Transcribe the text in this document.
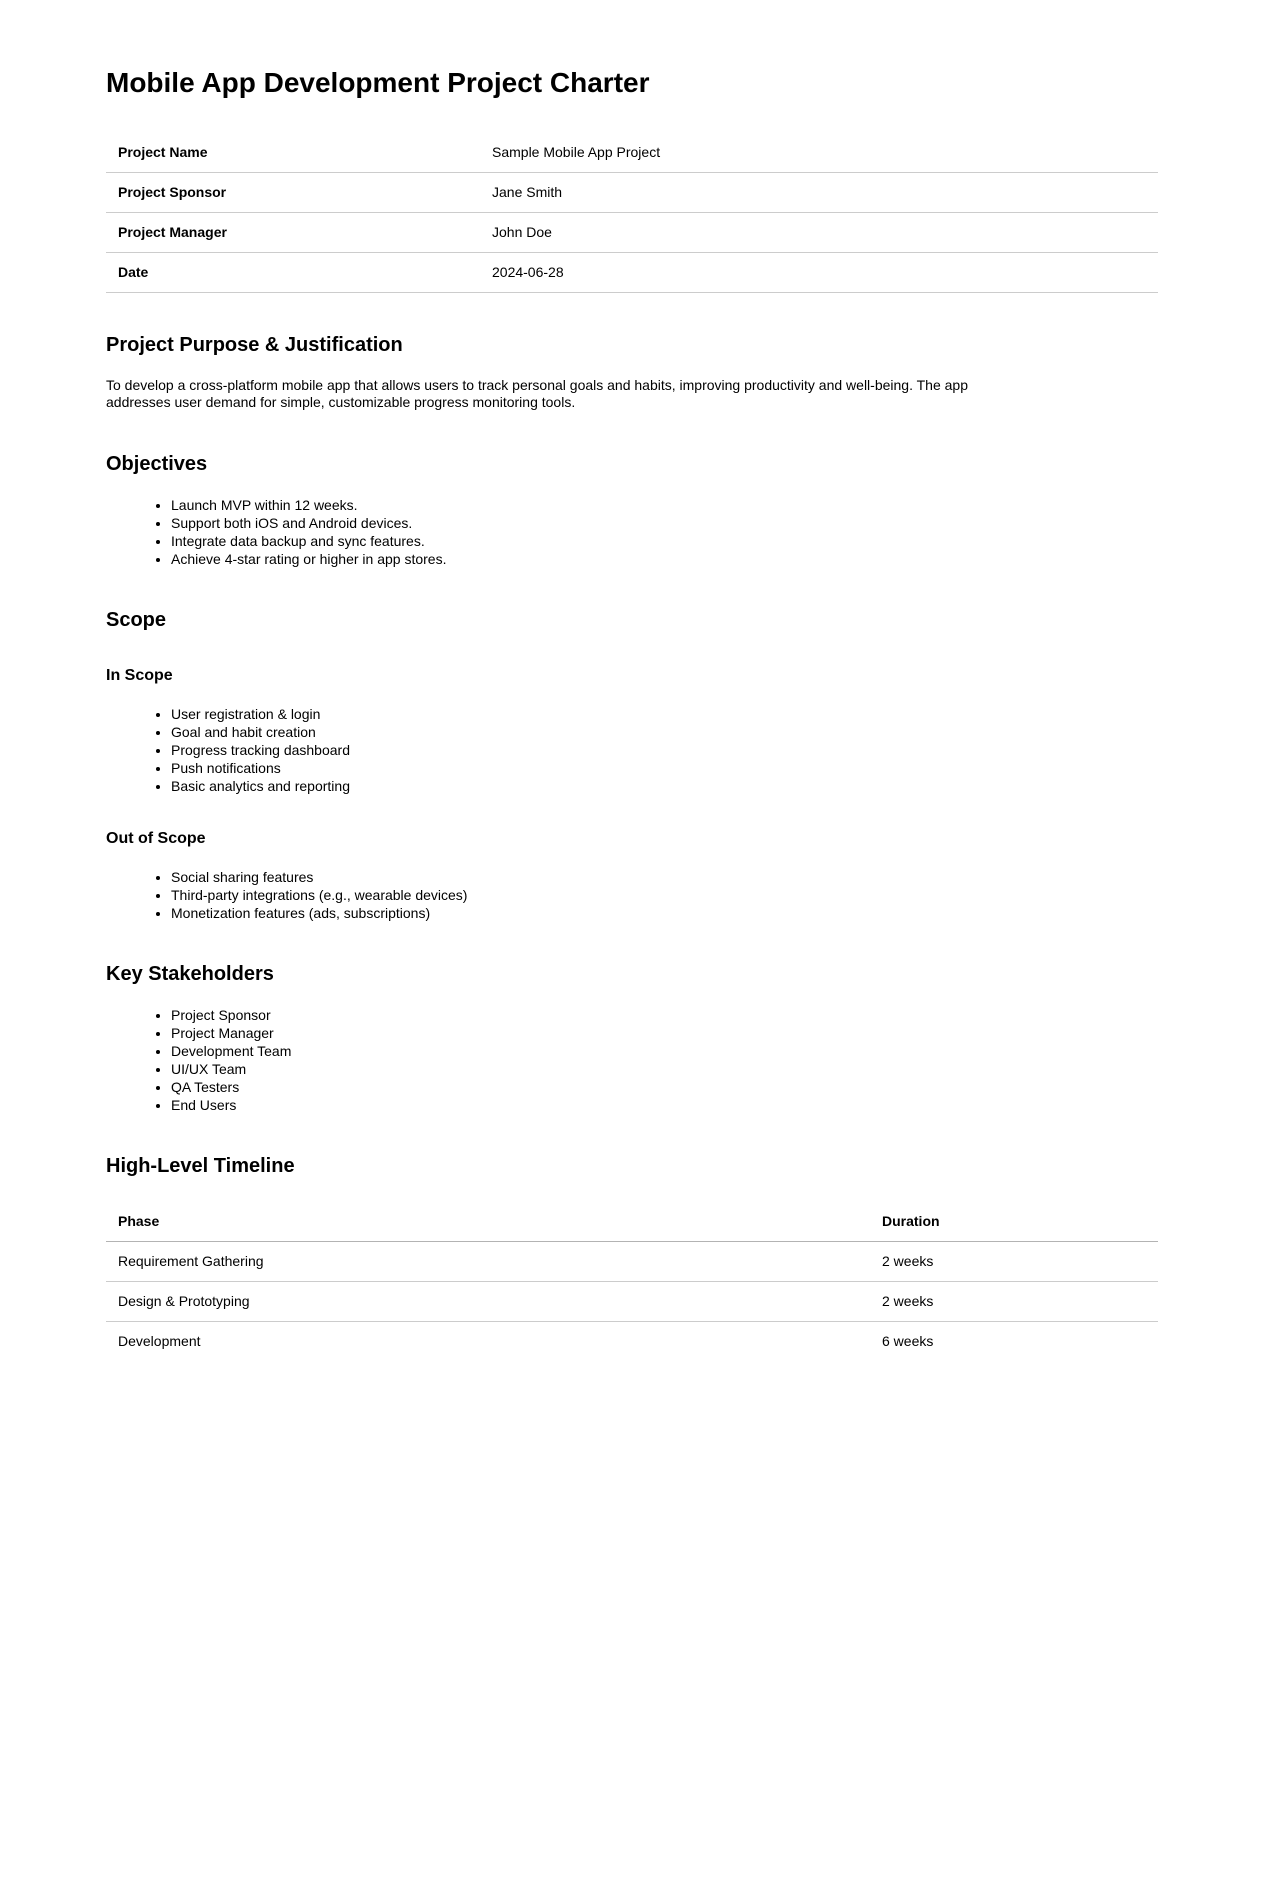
Mobile App Development Project Charter
Project Name	Sample Mobile App Project
Project Sponsor	Jane Smith
Project Manager	John Doe
Date	2024-06-28
Project Purpose & Justification

To develop a cross-platform mobile app that allows users to track personal goals and habits, improving productivity and well-being. The app addresses user demand for simple, customizable progress monitoring tools.

Objectives
• Launch MVP within 12 weeks.
• Support both iOS and Android devices.
• Integrate data backup and sync features.
• Achieve 4-star rating or higher in app stores.
Scope
In Scope
• User registration & login
• Goal and habit creation
• Progress tracking dashboard
• Push notifications
• Basic analytics and reporting
Out of Scope
• Social sharing features
• Third-party integrations (e.g., wearable devices)
• Monetization features (ads, subscriptions)
Key Stakeholders
• Project Sponsor
• Project Manager
• Development Team
• UI/UX Team
• QA Testers
• End Users
High-Level Timeline
Phase	Duration
Requirement Gathering	2 weeks
Design & Prototyping	2 weeks
Development	6 weeks
